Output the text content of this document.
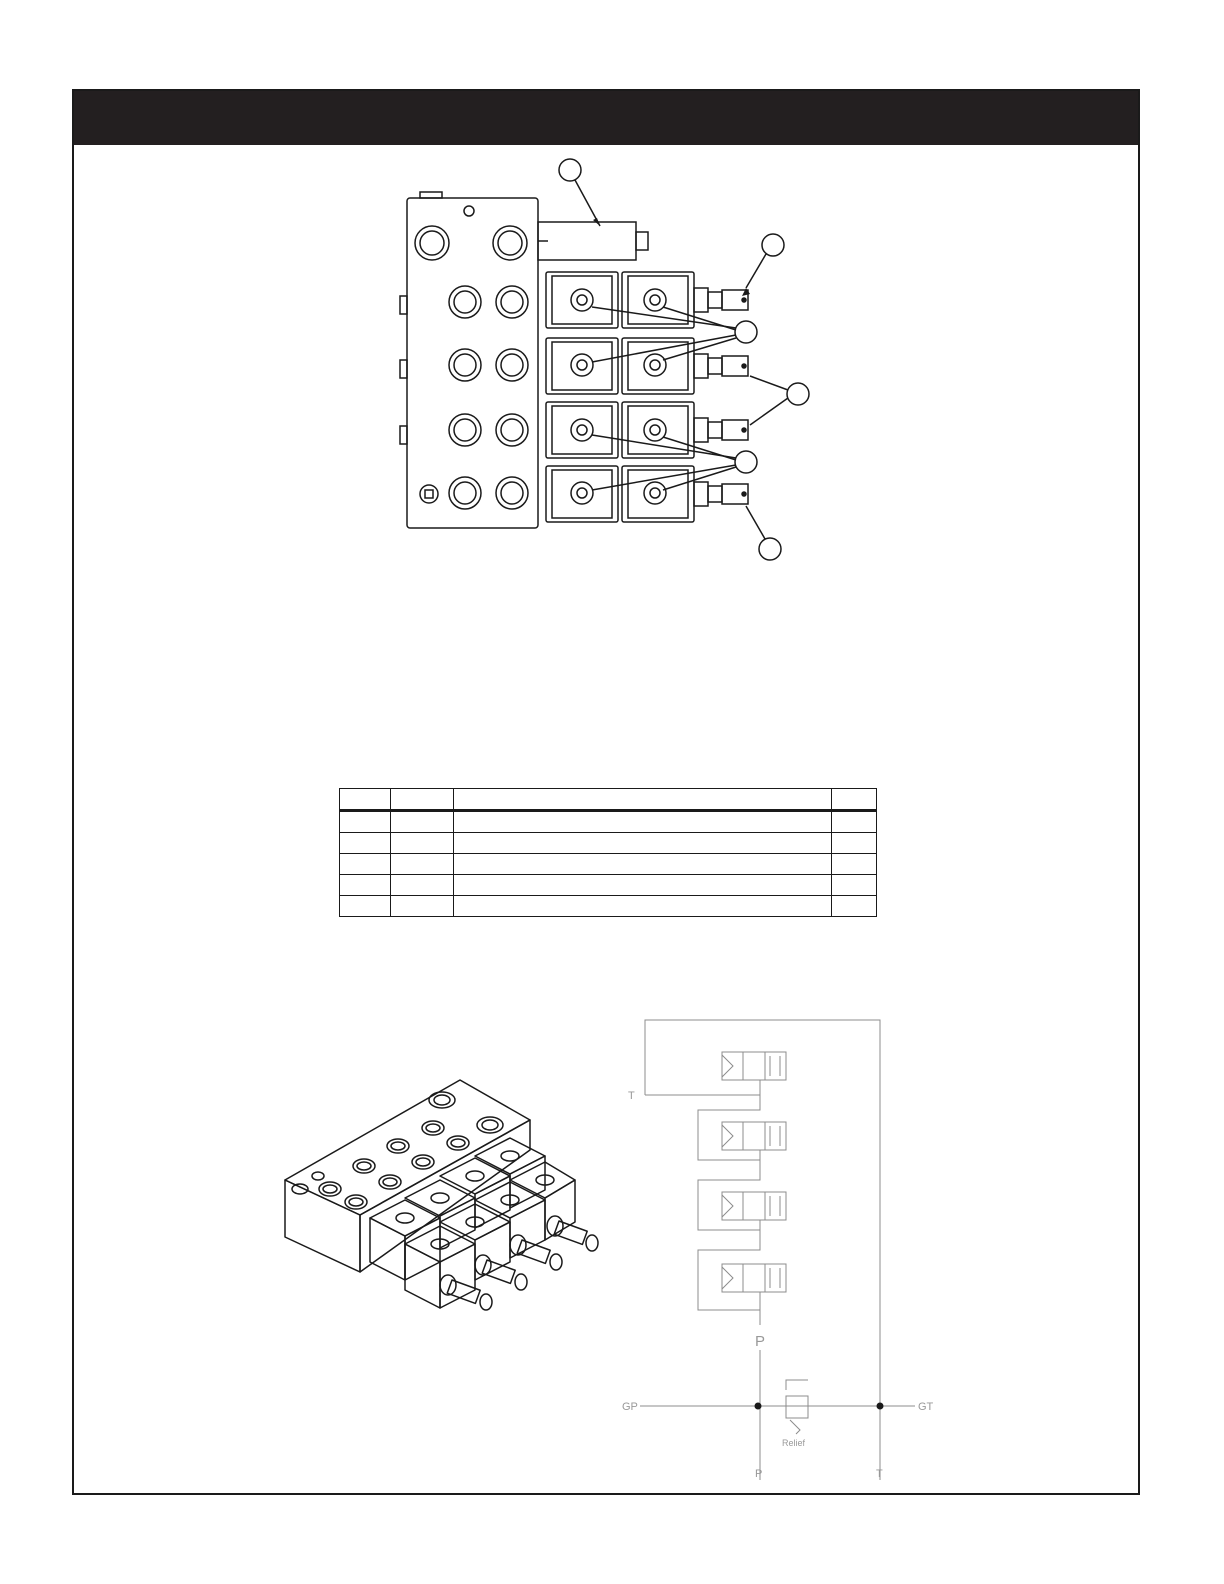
T
P
GP	GT
Relief
P	T
